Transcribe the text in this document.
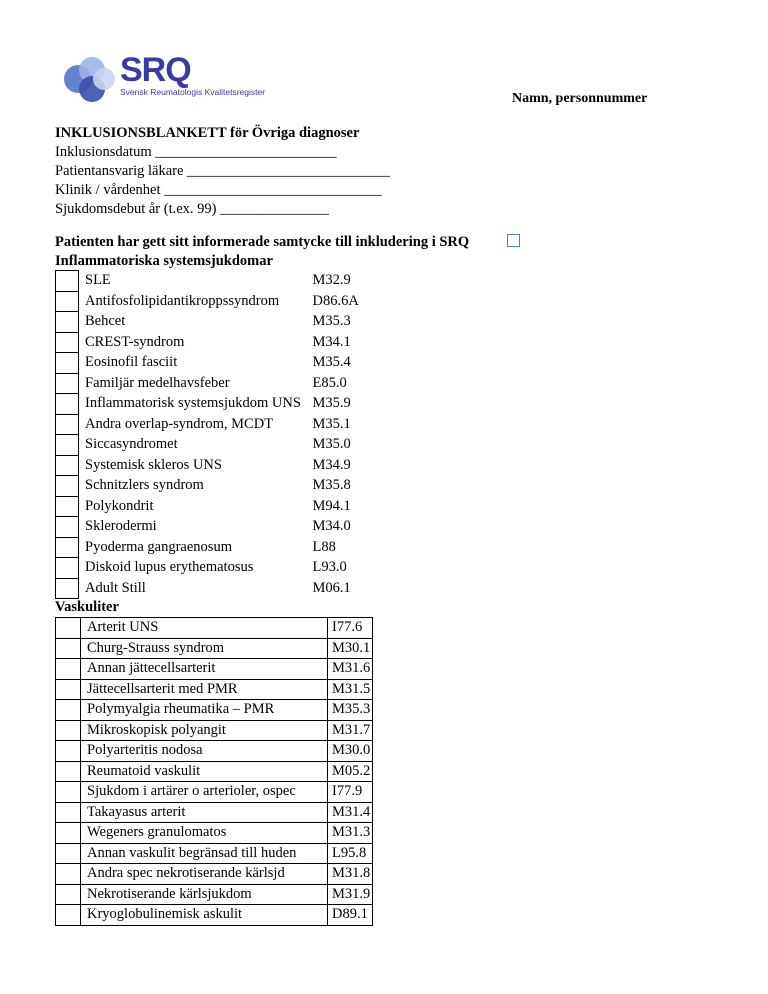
SRQ
Svensk Reumatologis Kvalitetsregister	Namn, personnummer
INKLUSIONSBLANKETT för Övriga diagnoser
Inklusionsdatum _________________________
Patientansvarig läkare ____________________________
Klinik / vårdenhet ______________________________
Sjukdomsdebut år (t.ex. 99) _______________
Patienten har gett sitt informerade samtycke till inkludering i SRQ
Inflammatoriska systemsjukdomar
	SLE	M32.9
	Antifosfolipidantikroppssyndrom	D86.6A
	Behcet	M35.3
	CREST-syndrom	M34.1
	Eosinofil fasciit	M35.4
	Familjär medelhavsfeber	E85.0
	Inflammatorisk systemsjukdom UNS	M35.9
	Andra overlap-syndrom, MCDT	M35.1
	Siccasyndromet	M35.0
	Systemisk skleros UNS	M34.9
	Schnitzlers syndrom	M35.8
	Polykondrit	M94.1
	Sklerodermi	M34.0
	Pyoderma gangraenosum	L88
	Diskoid lupus erythematosus	L93.0
	Adult Still	M06.1
Vaskuliter
	Arterit UNS	I77.6
	Churg-Strauss syndrom	M30.1
	Annan jättecellsarterit	M31.6
	Jättecellsarterit med PMR	M31.5
	Polymyalgia rheumatika – PMR	M35.3
	Mikroskopisk polyangit	M31.7
	Polyarteritis nodosa	M30.0
	Reumatoid vaskulit	M05.2
	Sjukdom i artärer o arterioler, ospec	I77.9
	Takayasus arterit	M31.4
	Wegeners granulomatos	M31.3
	Annan vaskulit begränsad till huden	L95.8
	Andra spec nekrotiserande kärlsjd	M31.8
	Nekrotiserande kärlsjukdom	M31.9
	Kryoglobulinemisk askulit	D89.1
